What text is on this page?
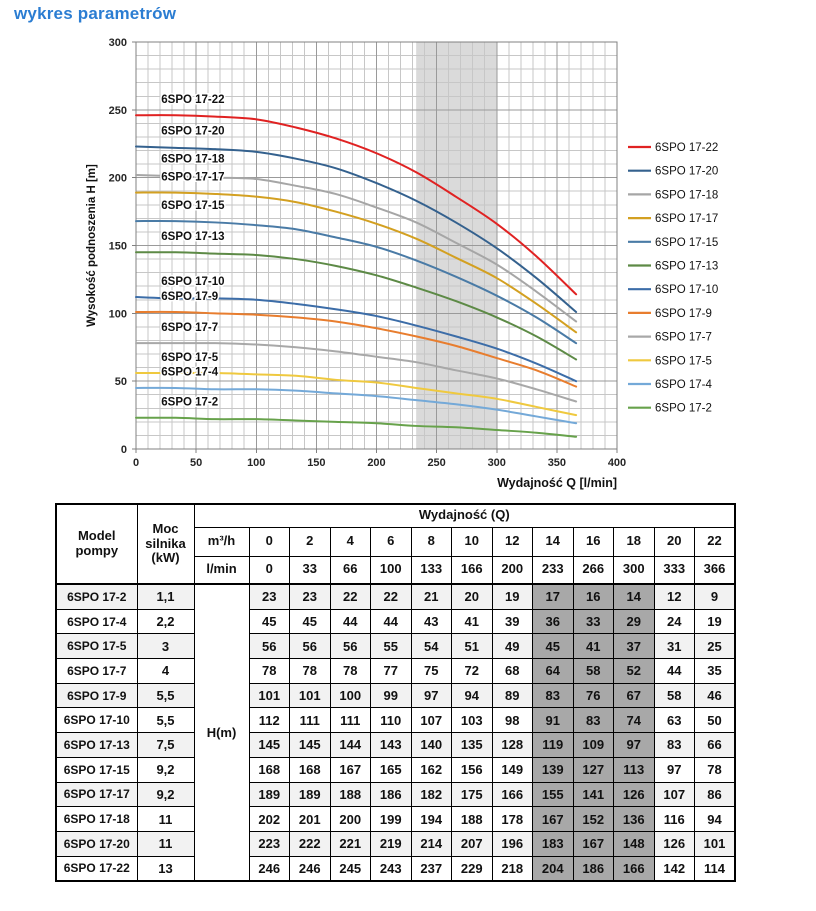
wykres parametrów
0	50	100	150	200	250	300	350	400
0
50
100
150
200
250
300
Wydajność Q [l/min]
Wysokość podnoszenia H [m]
6SPO 17-22
6SPO 17-20
6SPO 17-18
6SPO 17-17
6SPO 17-15
6SPO 17-13
6SPO 17-10
6SPO 17-9
6SPO 17-7
6SPO 17-5
6SPO 17-4
6SPO 17-2
6SPO 17-22
6SPO 17-20
6SPO 17-18
6SPO 17-17
6SPO 17-15
6SPO 17-13
6SPO 17-10
6SPO 17-9
6SPO 17-7
6SPO 17-5
6SPO 17-4
6SPO 17-2
Model
pompy	Moc
silnika
(kW)	Wydajność (Q)												
		m³/h	0	2	4	6	8	10	12	14	16	18	20	22
		l/min	0	33	66	100	133	166	200	233	266	300	333	366
6SPO 17-2	1,1	H(m)	23	23	22	22	21	20	19	17	16	14	12	9
6SPO 17-4	2,2		45	45	44	44	43	41	39	36	33	29	24	19
6SPO 17-5	3		56	56	56	55	54	51	49	45	41	37	31	25
6SPO 17-7	4		78	78	78	77	75	72	68	64	58	52	44	35
6SPO 17-9	5,5		101	101	100	99	97	94	89	83	76	67	58	46
6SPO 17-10	5,5		112	111	111	110	107	103	98	91	83	74	63	50
6SPO 17-13	7,5		145	145	144	143	140	135	128	119	109	97	83	66
6SPO 17-15	9,2		168	168	167	165	162	156	149	139	127	113	97	78
6SPO 17-17	9,2		189	189	188	186	182	175	166	155	141	126	107	86
6SPO 17-18	11		202	201	200	199	194	188	178	167	152	136	116	94
6SPO 17-20	11		223	222	221	219	214	207	196	183	167	148	126	101
6SPO 17-22	13		246	246	245	243	237	229	218	204	186	166	142	114
